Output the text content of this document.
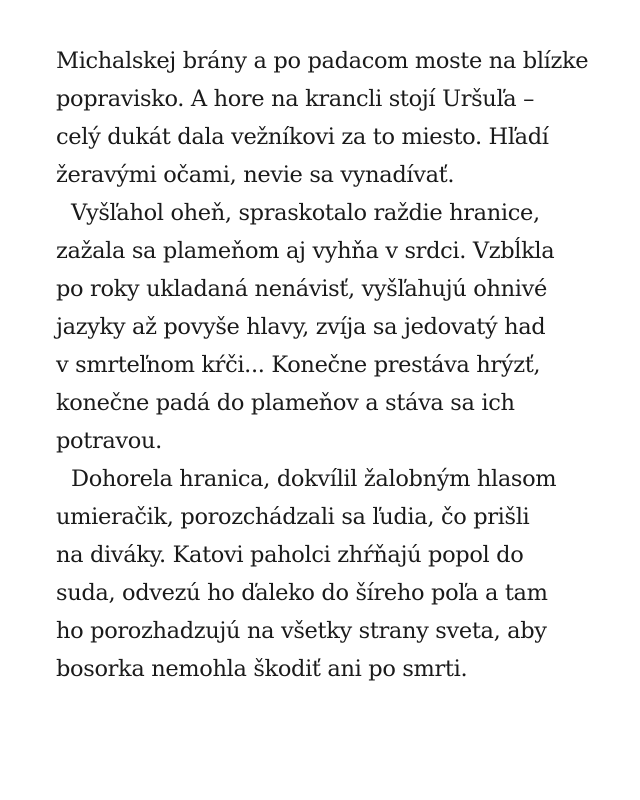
Michalskej brány a po padacom moste na blízke
popravisko. A hore na krancli stojí Uršuľa –
celý dukát dala vežníkovi za to miesto. Hľadí
žeravými očami, nevie sa vynadívať.
Vyšľahol oheň, spraskotalo raždie hranice,
zažala sa plameňom aj vyhňa v srdci. Vzbĺkla
po roky ukladaná nenávisť, vyšľahujú ohnivé
jazyky až povyše hlavy, zvíja sa jedovatý had
v smrteľnom kŕči... Konečne prestáva hrýzť,
konečne padá do plameňov a stáva sa ich
potravou.
Dohorela hranica, dokvílil žalobným hlasom
umieračik, porozchádzali sa ľudia, čo prišli
na diváky. Katovi paholci zhŕňajú popol do
suda, odvezú ho ďaleko do šíreho poľa a tam
ho porozhadzujú na všetky strany sveta, aby
bosorka nemohla škodiť ani po smrti.
